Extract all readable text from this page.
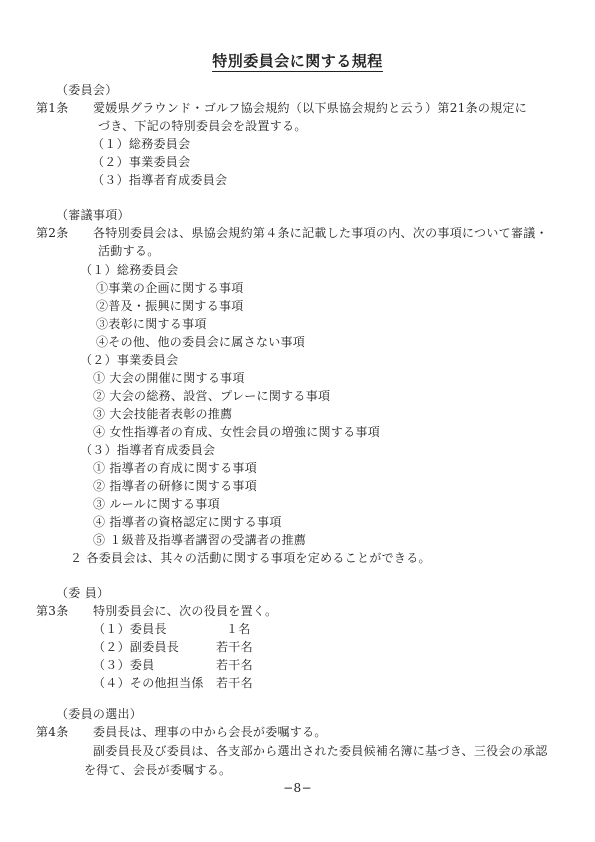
特別委員会に関する規程
（委員会）
第1条 愛媛県グラウンド・ゴルフ協会規約（以下県協会規約と云う）第21条の規定に
づき、下記の特別委員会を設置する。
（１）総務委員会
（２）事業委員会
（３）指導者育成委員会
（審議事項）
第2条 各特別委員会は、県協会規約第４条に記載した事項の内、次の事項について審議・
活動する。
（１）総務委員会
①事業の企画に関する事項
②普及・振興に関する事項
③表彰に関する事項
④その他、他の委員会に属さない事項
（２）事業委員会
① 大会の開催に関する事項
② 大会の総務、設営、プレーに関する事項
③ 大会技能者表彰の推薦
④ 女性指導者の育成、女性会員の増強に関する事項
（３）指導者育成委員会
① 指導者の育成に関する事項
② 指導者の研修に関する事項
③ ルールに関する事項
④ 指導者の資格認定に関する事項
⑤ １級普及指導者講習の受講者の推薦
２ 各委員会は、其々の活動に関する事項を定めることができる。
（委 員）
第3条 特別委員会に、次の役員を置く。
（１）委員長	１名
（２）副委員長	若干名
（３）委員	若干名
（４）その他担当係 若干名
（委員の選出）
第4条 委員長は、理事の中から会長が委嘱する。
副委員長及び委員は、各支部から選出された委員候補名簿に基づき、三役会の承認
を得て、会長が委嘱する。
−8−
